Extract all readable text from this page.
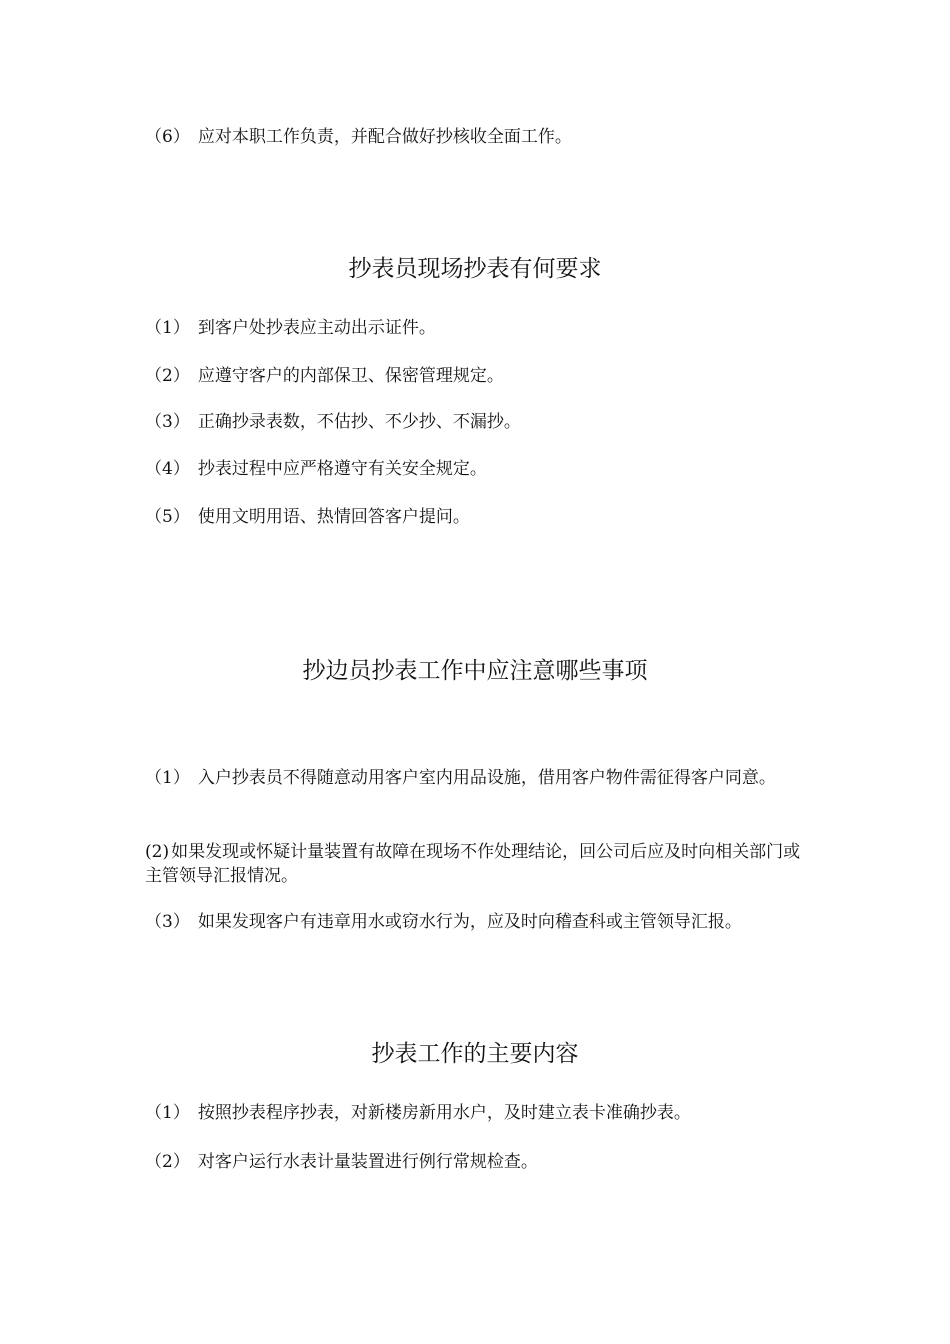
（6） 应对本职工作负责，并配合做好抄核收全面工作。
抄表员现场抄表有何要求
（1） 到客户处抄表应主动出示证件。
（2） 应遵守客户的内部保卫、保密管理规定。
（3） 正确抄录表数，不估抄、不少抄、不漏抄。
（4） 抄表过程中应严格遵守有关安全规定。
（5） 使用文明用语、热情回答客户提问。
抄边员抄表工作中应注意哪些事项
（1） 入户抄表员不得随意动用客户室内用品设施，借用客户物件需征得客户同意。
(2) 如果发现或怀疑计量装置有故障在现场不作处理结论，回公司后应及时向相关部门或主管领导汇报情况。
（3） 如果发现客户有违章用水或窃水行为，应及时向稽查科或主管领导汇报。
抄表工作的主要内容
（1） 按照抄表程序抄表，对新楼房新用水户，及时建立表卡准确抄表。
（2） 对客户运行水表计量装置进行例行常规检查。
